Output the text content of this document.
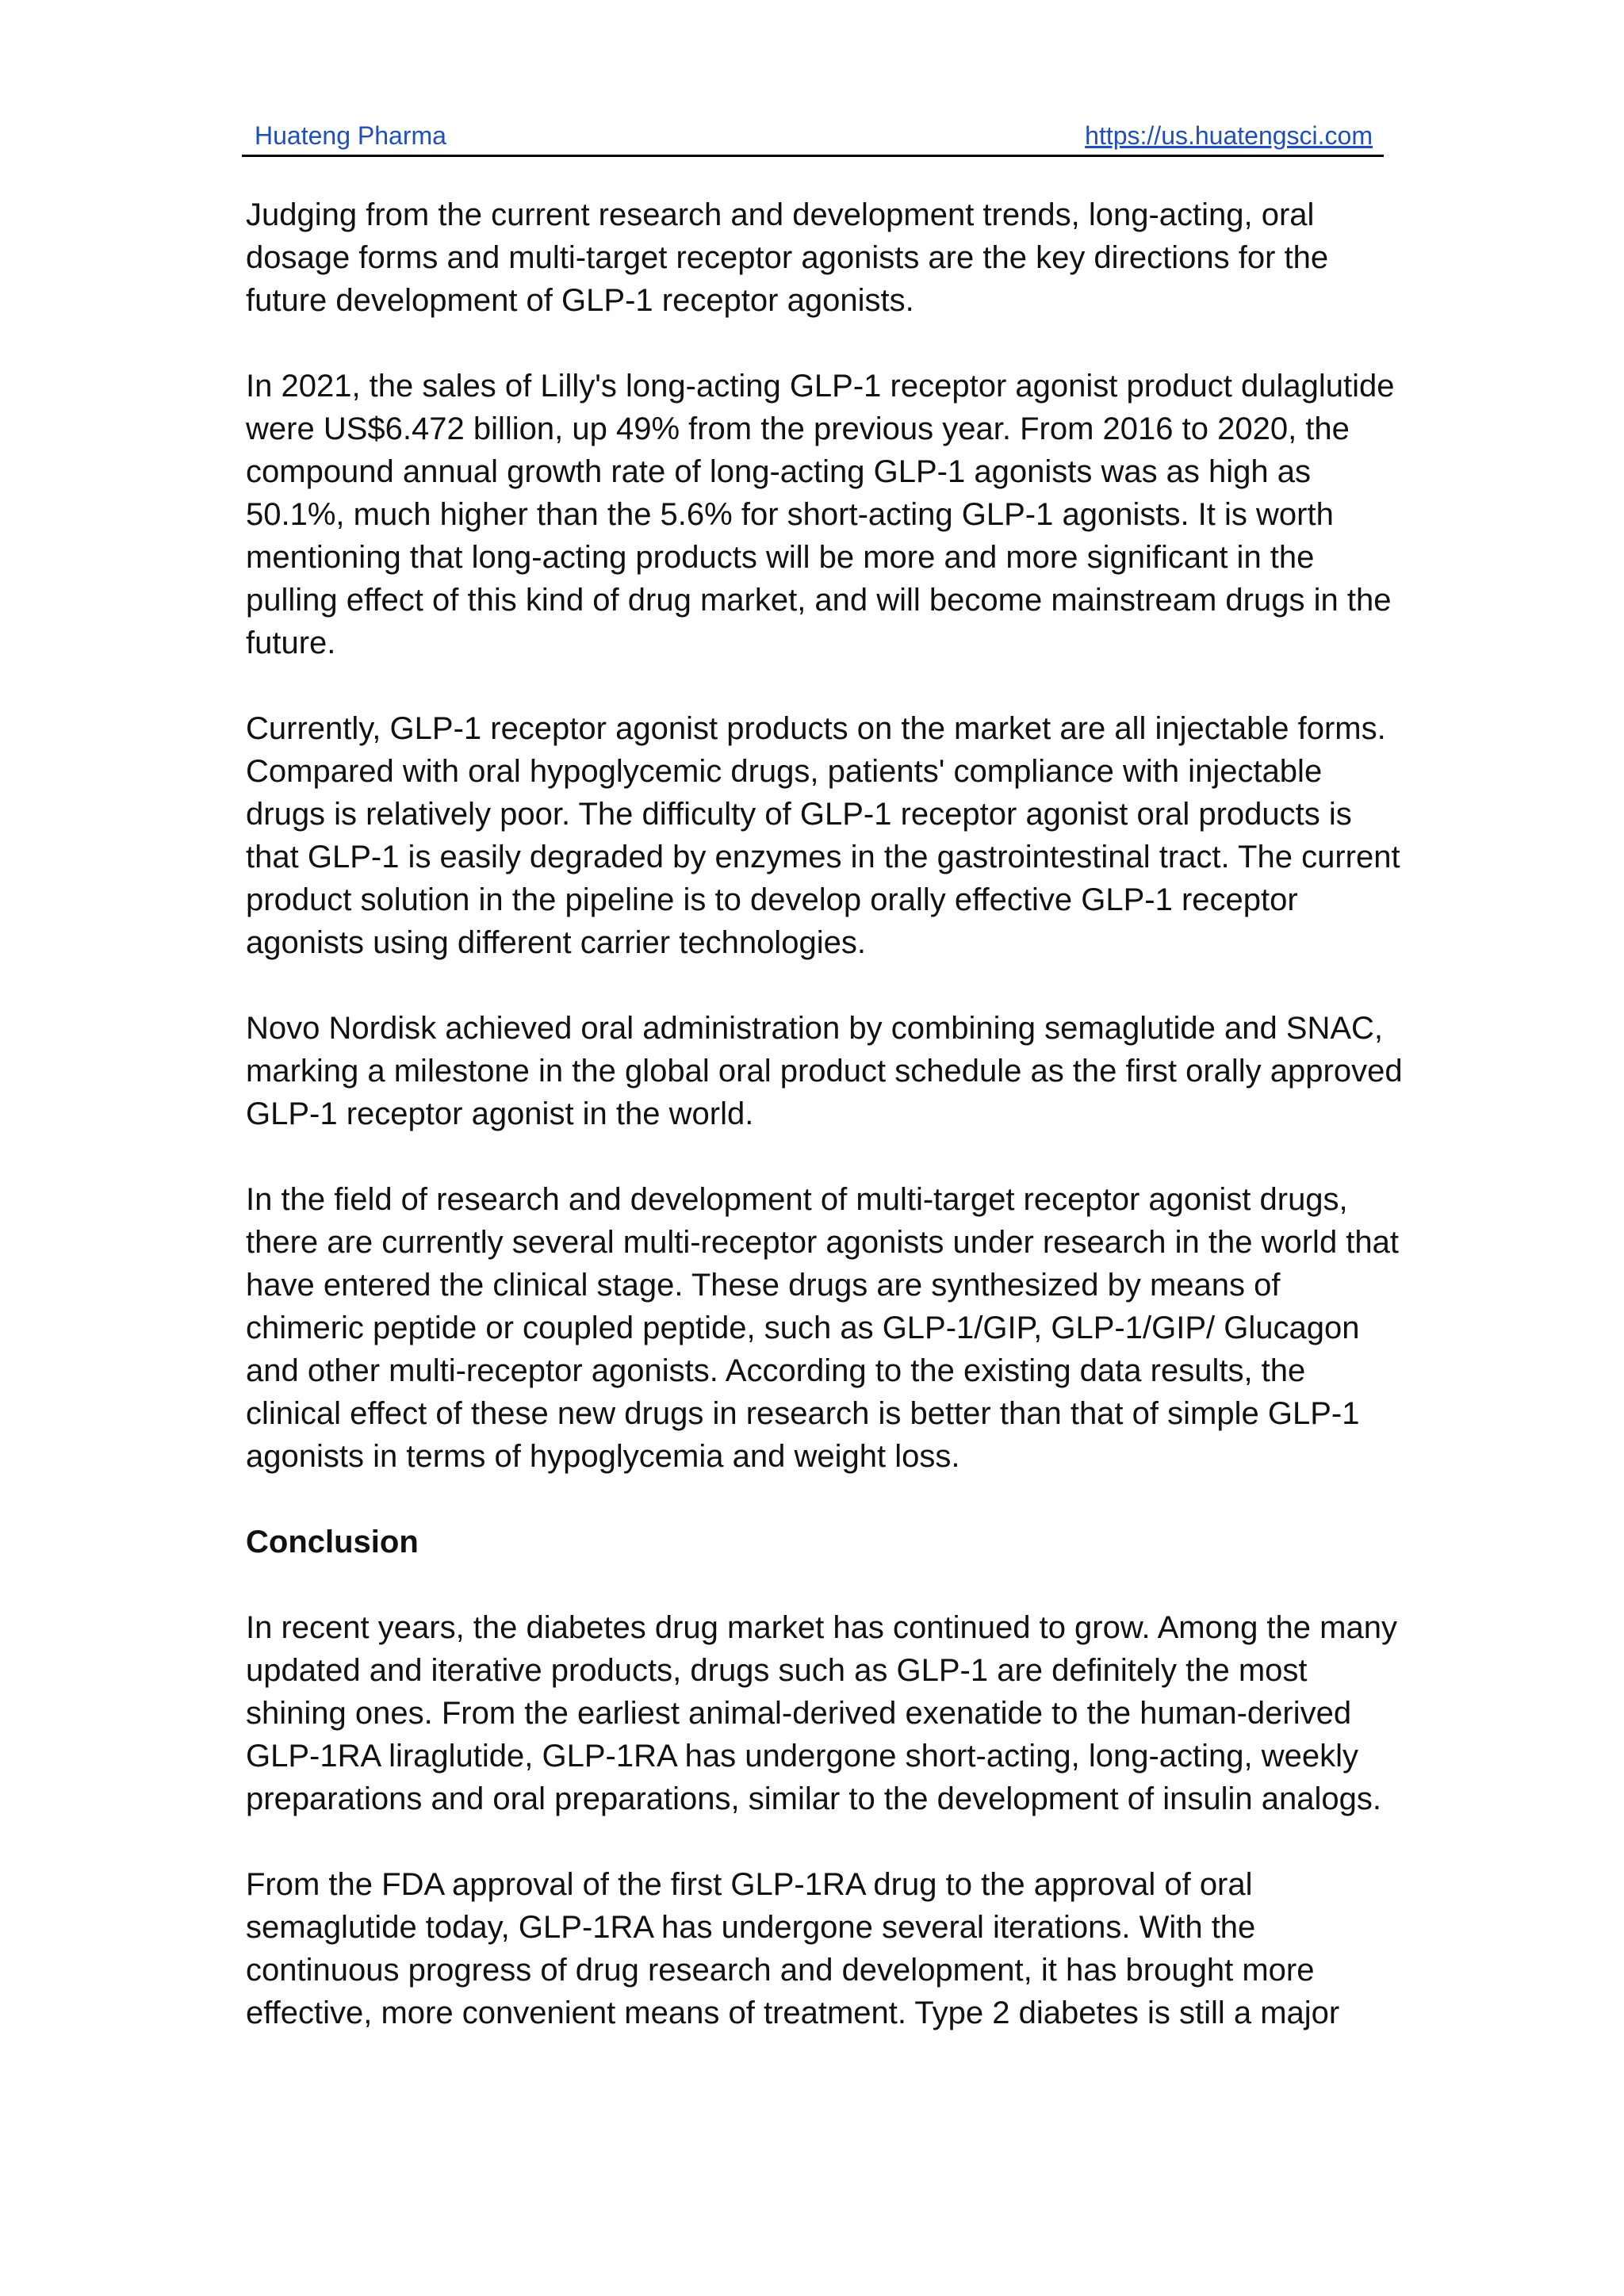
Huateng Pharma	https://us.huatengsci.com

Judging from the current research and development trends, long-acting, oral dosage forms and multi-target receptor agonists are the key directions for the future development of GLP-1 receptor agonists.

In 2021, the sales of Lilly's long-acting GLP-1 receptor agonist product dulaglutide were US$6.472 billion, up 49% from the previous year. From 2016 to 2020, the compound annual growth rate of long-acting GLP-1 agonists was as high as 50.1%, much higher than the 5.6% for short-acting GLP-1 agonists. It is worth mentioning that long-acting products will be more and more significant in the pulling effect of this kind of drug market, and will become mainstream drugs in the future.

Currently, GLP-1 receptor agonist products on the market are all injectable forms. Compared with oral hypoglycemic drugs, patients' compliance with injectable drugs is relatively poor. The difficulty of GLP-1 receptor agonist oral products is that GLP-1 is easily degraded by enzymes in the gastrointestinal tract. The current product solution in the pipeline is to develop orally effective GLP-1 receptor agonists using different carrier technologies.

Novo Nordisk achieved oral administration by combining semaglutide and SNAC, marking a milestone in the global oral product schedule as the first orally approved GLP-1 receptor agonist in the world.

In the field of research and development of multi-target receptor agonist drugs, there are currently several multi-receptor agonists under research in the world that have entered the clinical stage. These drugs are synthesized by means of chimeric peptide or coupled peptide, such as GLP-1/GIP, GLP-1/GIP/ Glucagon and other multi-receptor agonists. According to the existing data results, the clinical effect of these new drugs in research is better than that of simple GLP-1 agonists in terms of hypoglycemia and weight loss.

Conclusion

In recent years, the diabetes drug market has continued to grow. Among the many updated and iterative products, drugs such as GLP-1 are definitely the most shining ones. From the earliest animal-derived exenatide to the human-derived GLP-1RA liraglutide, GLP-1RA has undergone short-acting, long-acting, weekly preparations and oral preparations, similar to the development of insulin analogs.

From the FDA approval of the first GLP-1RA drug to the approval of oral semaglutide today, GLP-1RA has undergone several iterations. With the continuous progress of drug research and development, it has brought more effective, more convenient means of treatment. Type 2 diabetes is still a major
